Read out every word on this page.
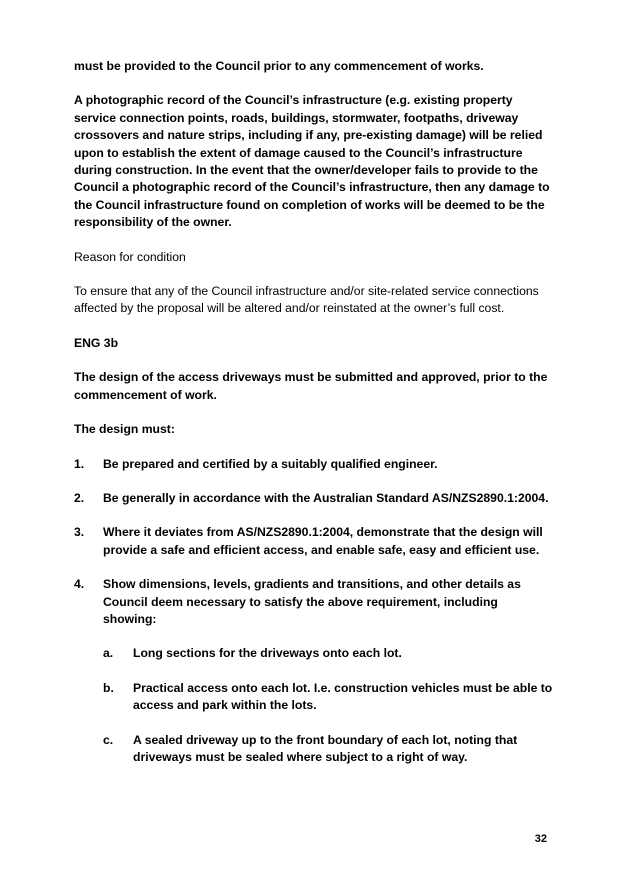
must be provided to the Council prior to any commencement of works.

A photographic record of the Council’s infrastructure (e.g. existing property service connection points, roads, buildings, stormwater, footpaths, driveway crossovers and nature strips, including if any, pre-existing damage) will be relied upon to establish the extent of damage caused to the Council’s infrastructure during construction. In the event that the owner/developer fails to provide to the Council a photographic record of the Council’s infrastructure, then any damage to the Council infrastructure found on completion of works will be deemed to be the responsibility of the owner.

Reason for condition

To ensure that any of the Council infrastructure and/or site-related service connections affected by the proposal will be altered and/or reinstated at the owner’s full cost.

ENG 3b

The design of the access driveways must be submitted and approved, prior to the commencement of work.

The design must:

1.	Be prepared and certified by a suitably qualified engineer.
2.	Be generally in accordance with the Australian Standard AS/NZS2890.1:2004.
3.	Where it deviates from AS/NZS2890.1:2004, demonstrate that the design will provide a safe and efficient access, and enable safe, easy and efficient use.
4.	Show dimensions, levels, gradients and transitions, and other details as Council deem necessary to satisfy the above requirement, including showing:
a.	Long sections for the driveways onto each lot.
b.	Practical access onto each lot. I.e. construction vehicles must be able to access and park within the lots.
c.	A sealed driveway up to the front boundary of each lot, noting that driveways must be sealed where subject to a right of way.
32
